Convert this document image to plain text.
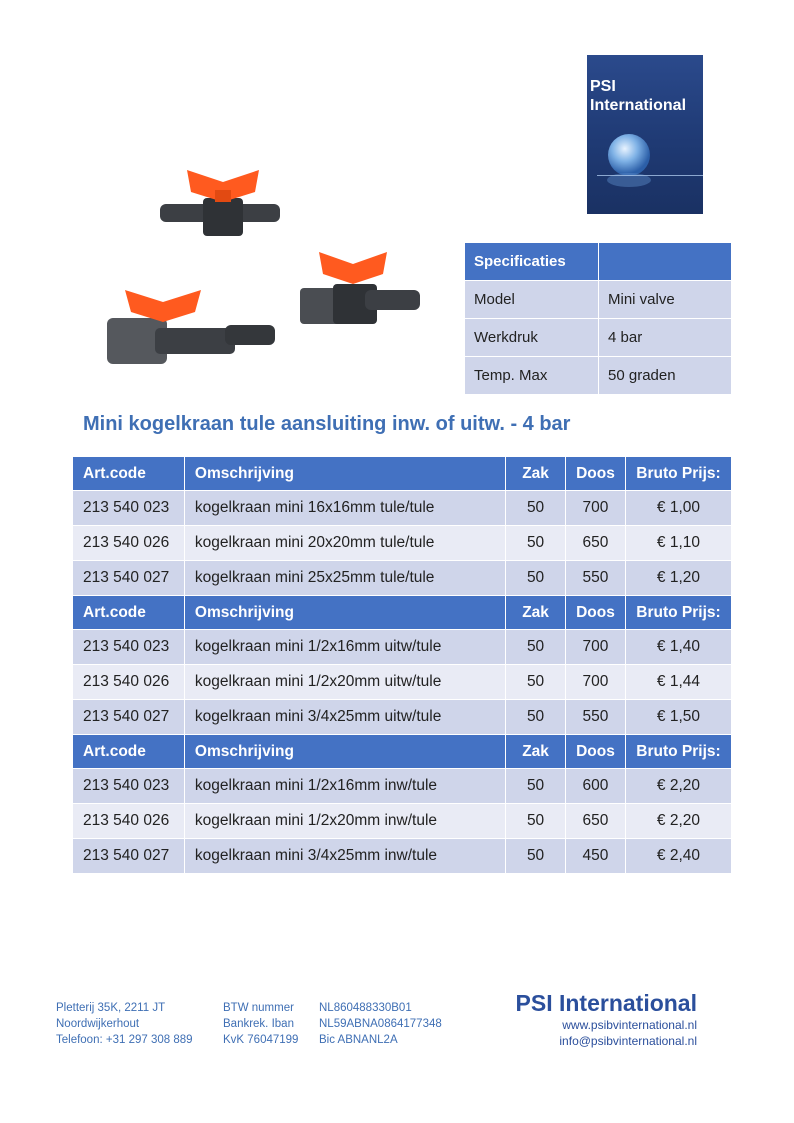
PSI
International
Specificaties	
Model	Mini valve
Werkdruk	4 bar
Temp. Max	50 graden
Mini kogelkraan tule aansluiting inw. of uitw. - 4 bar
Art.code	Omschrijving	Zak	Doos	Bruto Prijs:
213 540 023	kogelkraan mini 16x16mm tule/tule	50	700	€ 1,00
213 540 026	kogelkraan mini 20x20mm tule/tule	50	650	€ 1,10
213 540 027	kogelkraan mini 25x25mm tule/tule	50	550	€ 1,20
Art.code	Omschrijving	Zak	Doos	Bruto Prijs:
213 540 023	kogelkraan mini 1/2x16mm uitw/tule	50	700	€ 1,40
213 540 026	kogelkraan mini 1/2x20mm uitw/tule	50	700	€ 1,44
213 540 027	kogelkraan mini 3/4x25mm uitw/tule	50	550	€ 1,50
Art.code	Omschrijving	Zak	Doos	Bruto Prijs:
213 540 023	kogelkraan mini 1/2x16mm inw/tule	50	600	€ 2,20
213 540 026	kogelkraan mini 1/2x20mm inw/tule	50	650	€ 2,20
213 540 027	kogelkraan mini 3/4x25mm inw/tule	50	450	€ 2,40
Pletterij 35K, 2211 JT
Noordwijkerhout
Telefoon: +31 297 308 889
BTW nummer
Bankrek. Iban
KvK 76047199
NL860488330B01
NL59ABNA0864177348
Bic ABNANL2A
PSI International
www.psibvinternational.nl
info@psibvinternational.nl
